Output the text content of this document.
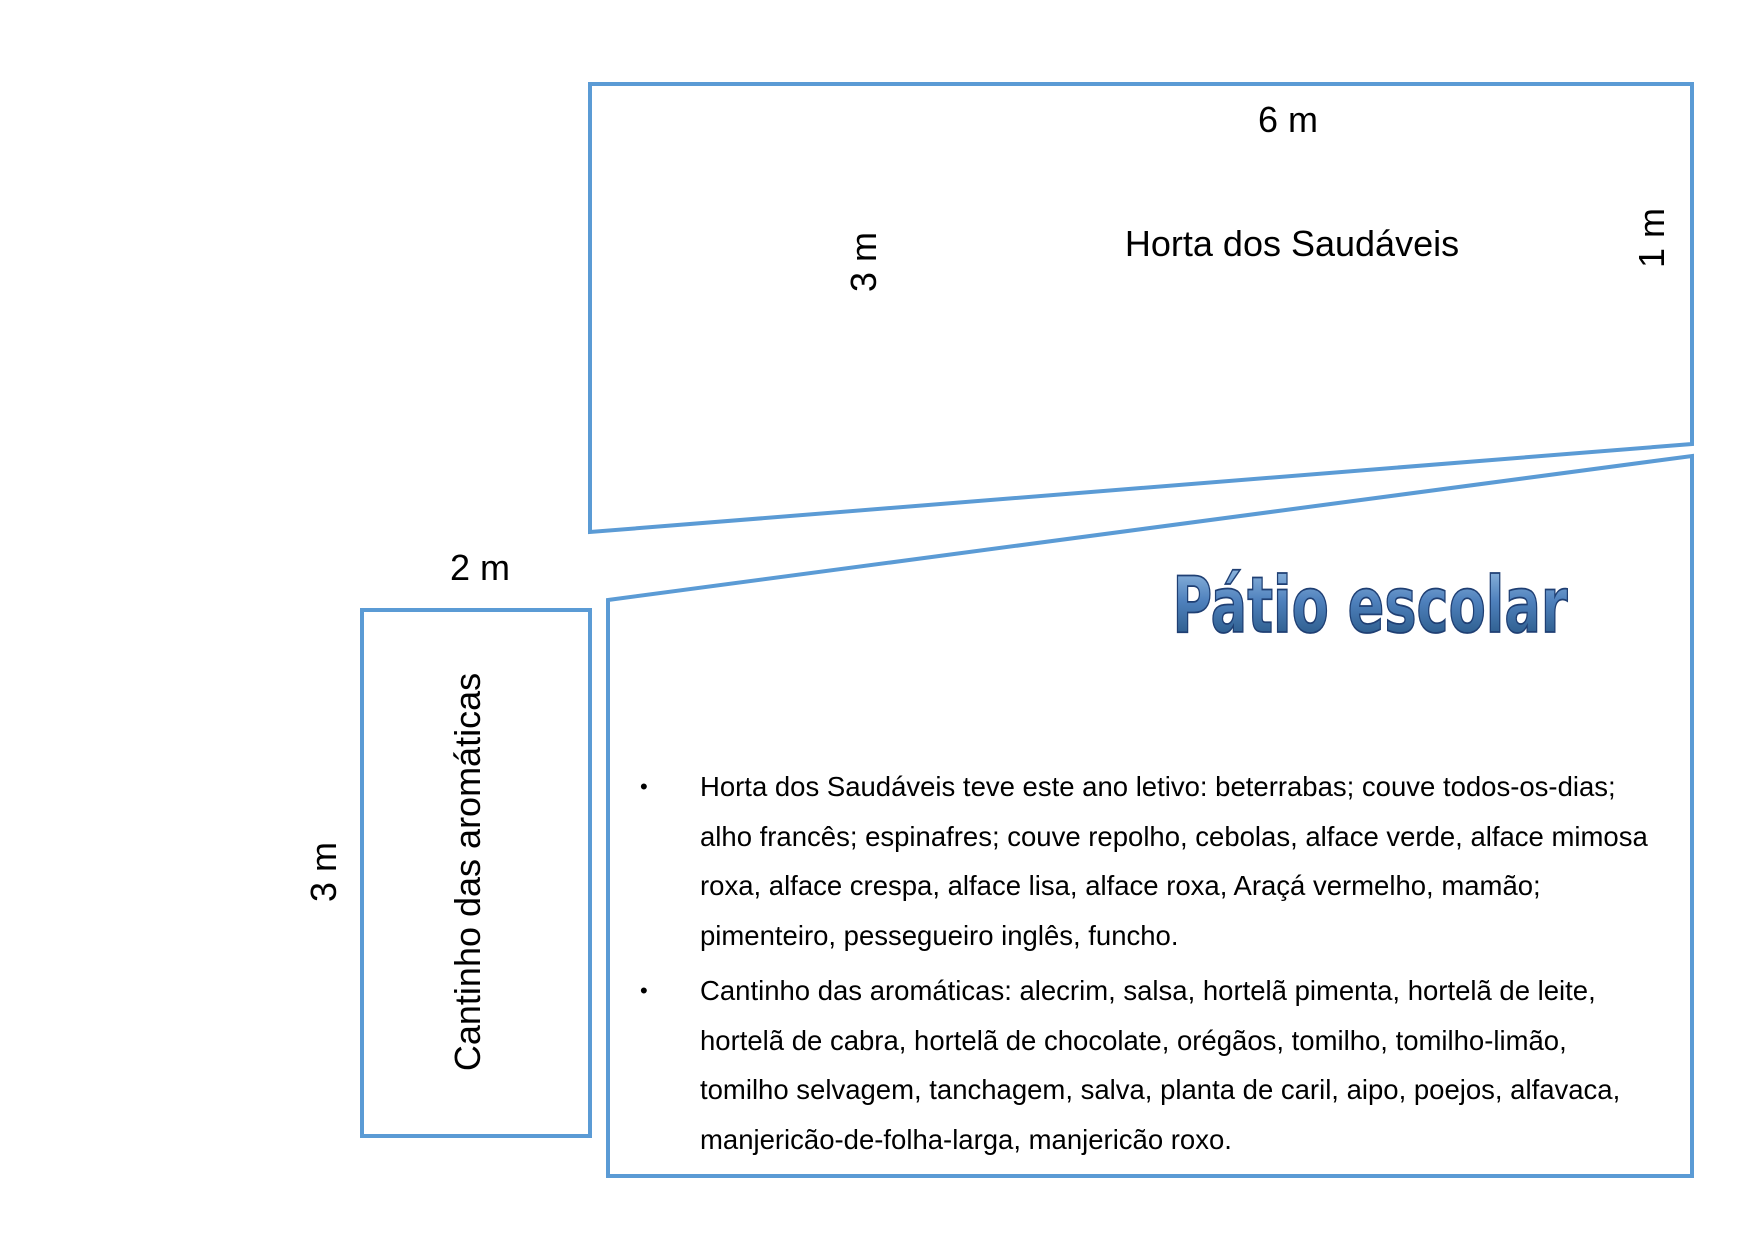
6 m
Horta dos Saudáveis
3 m	1 m
Pátio escolar
2 m
Cantinho das aromáticas
3 m
• Horta dos Saudáveis teve este ano letivo: beterrabas; couve todos-os-dias; alho francês; espinafres; couve repolho, cebolas, alface verde, alface mimosa roxa, alface crespa, alface lisa, alface roxa, Araçá vermelho, mamão; pimenteiro, pessegueiro inglês, funcho.
• Cantinho das aromáticas: alecrim, salsa, hortelã pimenta, hortelã de leite, hortelã de cabra, hortelã de chocolate, orégãos, tomilho, tomilho-limão, tomilho selvagem, tanchagem, salva, planta de caril, aipo, poejos, alfavaca, manjericão-de-folha-larga, manjericão roxo.
